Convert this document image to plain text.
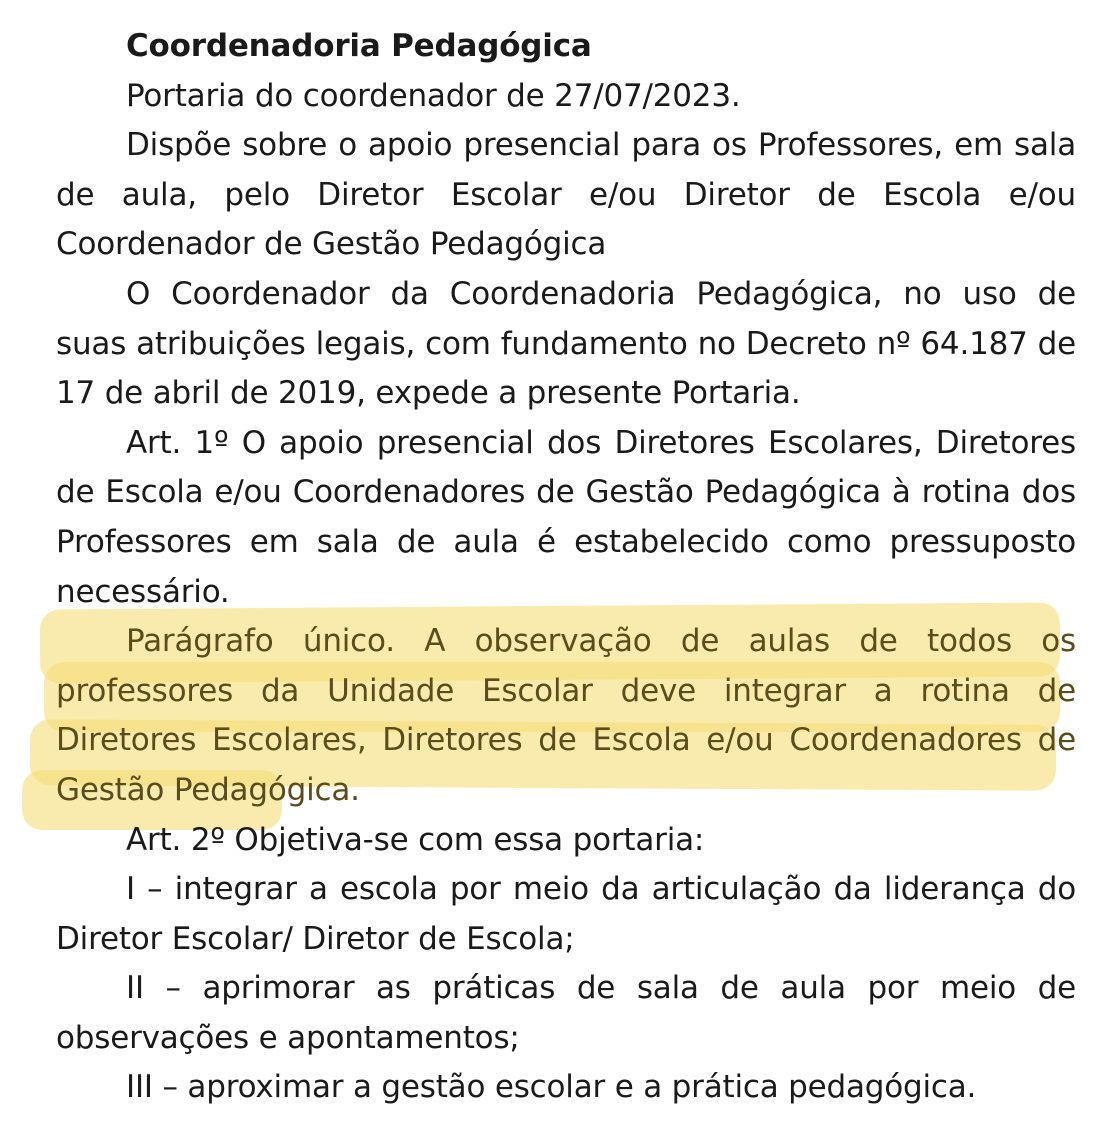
Coordenadoria Pedagógica

Portaria do coordenador de 27/07/2023.

Dispõe sobre o apoio presencial para os Professores, em sala de aula, pelo Diretor Escolar e/ou Diretor de Escola e/ou Coordenador de Gestão Pedagógica

O Coordenador da Coordenadoria Pedagógica, no uso de suas atribuições legais, com fundamento no Decreto nº 64.187 de 17 de abril de 2019, expede a presente Portaria.

Art. 1º O apoio presencial dos Diretores Escolares, Diretores de Escola e/ou Coordenadores de Gestão Pedagógica à rotina dos Professores em sala de aula é estabelecido como pressuposto necessário.

Parágrafo único. A observação de aulas de todos os professores da Unidade Escolar deve integrar a rotina de Diretores Escolares, Diretores de Escola e/ou Coordenadores de Gestão Pedagógica.

Art. 2º Objetiva-se com essa portaria:

I – integrar a escola por meio da articulação da liderança do Diretor Escolar/ Diretor de Escola;

II – aprimorar as práticas de sala de aula por meio de observações e apontamentos;

III – aproximar a gestão escolar e a prática pedagógica.
